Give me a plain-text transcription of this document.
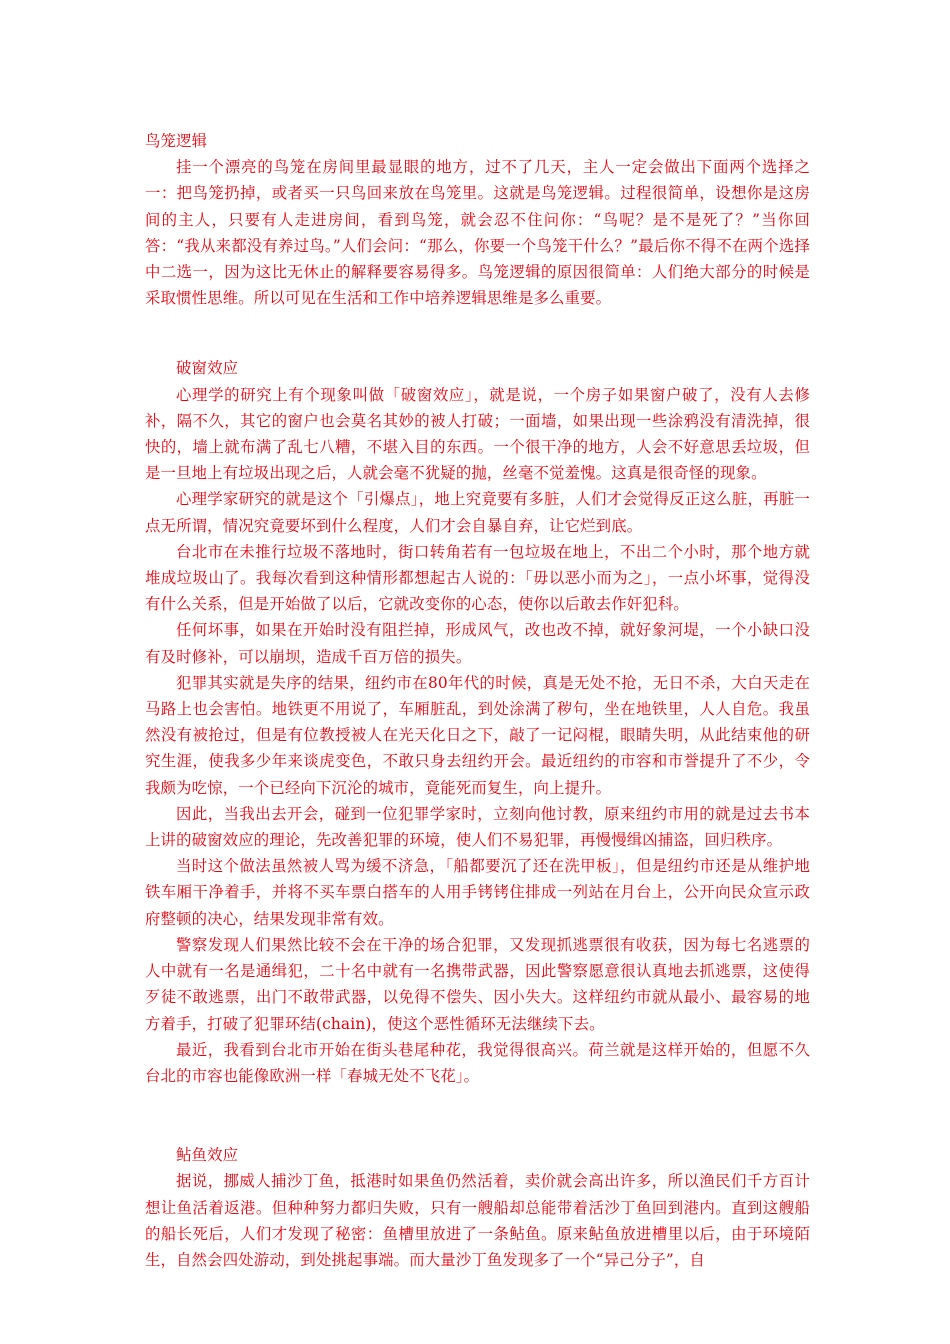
鸟笼逻辑

挂一个漂亮的鸟笼在房间里最显眼的地方，过不了几天，主人一定会做出下面两个选择之一：把鸟笼扔掉，或者买一只鸟回来放在鸟笼里。这就是鸟笼逻辑。过程很简单，设想你是这房间的主人，只要有人走进房间，看到鸟笼，就会忍不住问你：“鸟呢？是不是死了？”当你回答：“我从来都没有养过鸟。”人们会问：“那么，你要一个鸟笼干什么？”最后你不得不在两个选择中二选一，因为这比无休止的解释要容易得多。鸟笼逻辑的原因很简单：人们绝大部分的时候是采取惯性思维。所以可见在生活和工作中培养逻辑思维是多么重要。

破窗效应

心理学的研究上有个现象叫做「破窗效应」，就是说，一个房子如果窗户破了，没有人去修补，隔不久，其它的窗户也会莫名其妙的被人打破；一面墙，如果出现一些涂鸦没有清洗掉，很快的，墙上就布满了乱七八糟，不堪入目的东西。一个很干净的地方，人会不好意思丢垃圾，但是一旦地上有垃圾出现之后，人就会毫不犹疑的抛，丝毫不觉羞愧。这真是很奇怪的现象。

心理学家研究的就是这个「引爆点」，地上究竟要有多脏，人们才会觉得反正这么脏，再脏一点无所谓，情况究竟要坏到什么程度，人们才会自暴自弃，让它烂到底。

台北市在未推行垃圾不落地时，街口转角若有一包垃圾在地上，不出二个小时，那个地方就堆成垃圾山了。我每次看到这种情形都想起古人说的：「毋以恶小而为之」，一点小坏事，觉得没有什么关系，但是开始做了以后，它就改变你的心态，使你以后敢去作奸犯科。

任何坏事，如果在开始时没有阻拦掉，形成风气，改也改不掉，就好象河堤，一个小缺口没有及时修补，可以崩坝，造成千百万倍的损失。

犯罪其实就是失序的结果，纽约市在80年代的时候，真是无处不抢，无日不杀，大白天走在马路上也会害怕。地铁更不用说了，车厢脏乱，到处涂满了秽句，坐在地铁里，人人自危。我虽然没有被抢过，但是有位教授被人在光天化日之下，敲了一记闷棍，眼睛失明，从此结束他的研究生涯，使我多少年来谈虎变色，不敢只身去纽约开会。最近纽约的市容和市誉提升了不少，令我颇为吃惊，一个已经向下沉沦的城市，竟能死而复生，向上提升。

因此，当我出去开会，碰到一位犯罪学家时，立刻向他讨教，原来纽约市用的就是过去书本上讲的破窗效应的理论，先改善犯罪的环境，使人们不易犯罪，再慢慢缉凶捕盗，回归秩序。

当时这个做法虽然被人骂为缓不济急，「船都要沉了还在洗甲板」，但是纽约市还是从维护地铁车厢干净着手，并将不买车票白搭车的人用手铐铐住排成一列站在月台上，公开向民众宣示政府整顿的决心，结果发现非常有效。

警察发现人们果然比较不会在干净的场合犯罪，又发现抓逃票很有收获，因为每七名逃票的人中就有一名是通缉犯，二十名中就有一名携带武器，因此警察愿意很认真地去抓逃票，这使得歹徒不敢逃票，出门不敢带武器，以免得不偿失、因小失大。这样纽约市就从最小、最容易的地方着手，打破了犯罪环结(chain)，使这个恶性循环无法继续下去。

最近，我看到台北市开始在街头巷尾种花，我觉得很高兴。荷兰就是这样开始的，但愿不久台北的市容也能像欧洲一样「春城无处不飞花」。

鲇鱼效应

据说，挪威人捕沙丁鱼，抵港时如果鱼仍然活着，卖价就会高出许多，所以渔民们千方百计想让鱼活着返港。但种种努力都归失败，只有一艘船却总能带着活沙丁鱼回到港内。直到这艘船的船长死后，人们才发现了秘密：鱼槽里放进了一条鲇鱼。原来鲇鱼放进槽里以后，由于环境陌生，自然会四处游动，到处挑起事端。而大量沙丁鱼发现多了一个“异己分子”，自
